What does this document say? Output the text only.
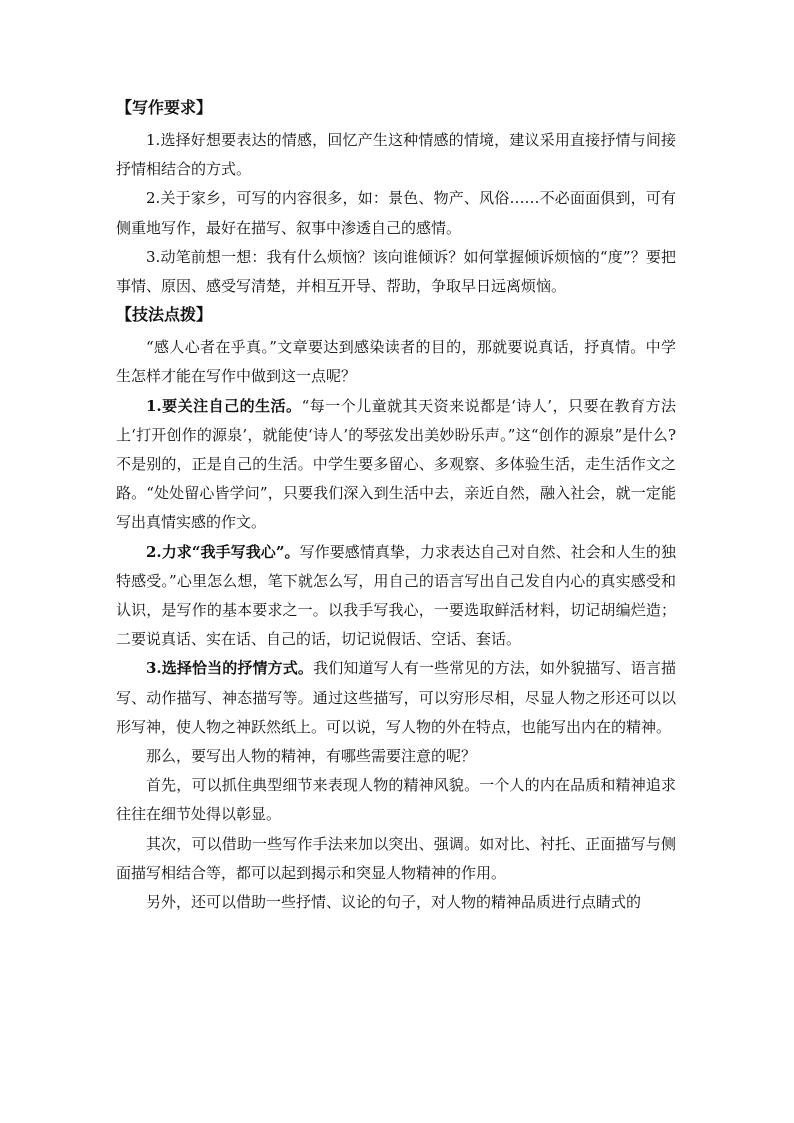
【写作要求】

1.选择好想要表达的情感，回忆产生这种情感的情境，建议采用直接抒情与间接抒情相结合的方式。

2.关于家乡，可写的内容很多，如：景色、物产、风俗……不必面面俱到，可有侧重地写作，最好在描写、叙事中渗透自己的感情。

3.动笔前想一想：我有什么烦恼？该向谁倾诉？如何掌握倾诉烦恼的“度”？要把事情、原因、感受写清楚，并相互开导、帮助，争取早日远离烦恼。

【技法点拨】

“感人心者在乎真。”文章要达到感染读者的目的，那就要说真话，抒真情。中学生怎样才能在写作中做到这一点呢？

1.要关注自己的生活。“每一个儿童就其天资来说都是‘诗人’，只要在教育方法上‘打开创作的源泉’，就能使‘诗人’的琴弦发出美妙盼乐声。”这“创作的源泉”是什么?不是别的，正是自己的生活。中学生要多留心、多观察、多体验生活，走生活作文之路。“处处留心皆学问”，只要我们深入到生活中去，亲近自然，融入社会，就一定能写出真情实感的作文。

2.力求“我手写我心”。写作要感情真挚，力求表达自己对自然、社会和人生的独特感受。”心里怎么想，笔下就怎么写，用自己的语言写出自己发自内心的真实感受和认识，是写作的基本要求之一。以我手写我心，一要选取鲜活材料，切记胡编烂造；二要说真话、实在话、自己的话，切记说假话、空话、套话。

3.选择恰当的抒情方式。我们知道写人有一些常见的方法，如外貌描写、语言描写、动作描写、神态描写等。通过这些描写，可以穷形尽相，尽显人物之形还可以以形写神，使人物之神跃然纸上。可以说，写人物的外在特点，也能写出内在的精神。

那么，要写出人物的精神，有哪些需要注意的呢？

首先，可以抓住典型细节来表现人物的精神风貌。一个人的内在品质和精神追求往往在细节处得以彰显。

其次，可以借助一些写作手法来加以突出、强调。如对比、衬托、正面描写与侧面描写相结合等，都可以起到揭示和突显人物精神的作用。

另外，还可以借助一些抒情、议论的句子，对人物的精神品质进行点睛式的
